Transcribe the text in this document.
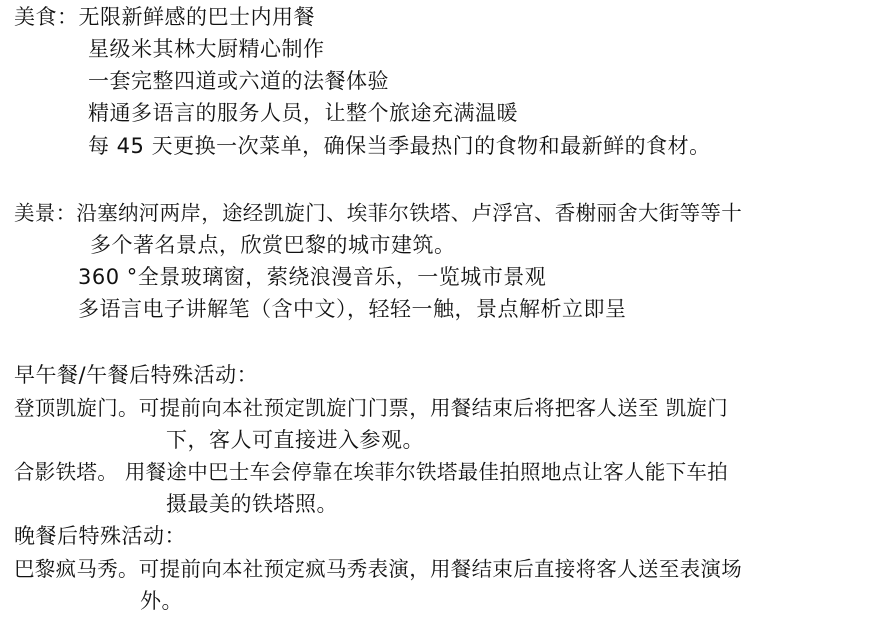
美食：无限新鲜感的巴士内用餐
星级米其林大厨精心制作
一套完整四道或六道的法餐体验
精通多语言的服务人员，让整个旅途充满温暖
每 45 天更换一次菜单，确保当季最热门的食物和最新鲜的食材。
美景：沿塞纳河两岸，途经凯旋门、埃菲尔铁塔、卢浮宫、香榭丽舍大街等等十
多个著名景点，欣赏巴黎的城市建筑。
360 °全景玻璃窗，萦绕浪漫音乐，一览城市景观
多语言电子讲解笔（含中文），轻轻一触，景点解析立即呈
早午餐/午餐后特殊活动：
登顶凯旋门。可提前向本社预定凯旋门门票，用餐结束后将把客人送至 凯旋门
下，客人可直接进入参观。
合影铁塔。 用餐途中巴士车会停靠在埃菲尔铁塔最佳拍照地点让客人能下车拍
摄最美的铁塔照。
晚餐后特殊活动：
巴黎疯马秀。可提前向本社预定疯马秀表演，用餐结束后直接将客人送至表演场
外。
